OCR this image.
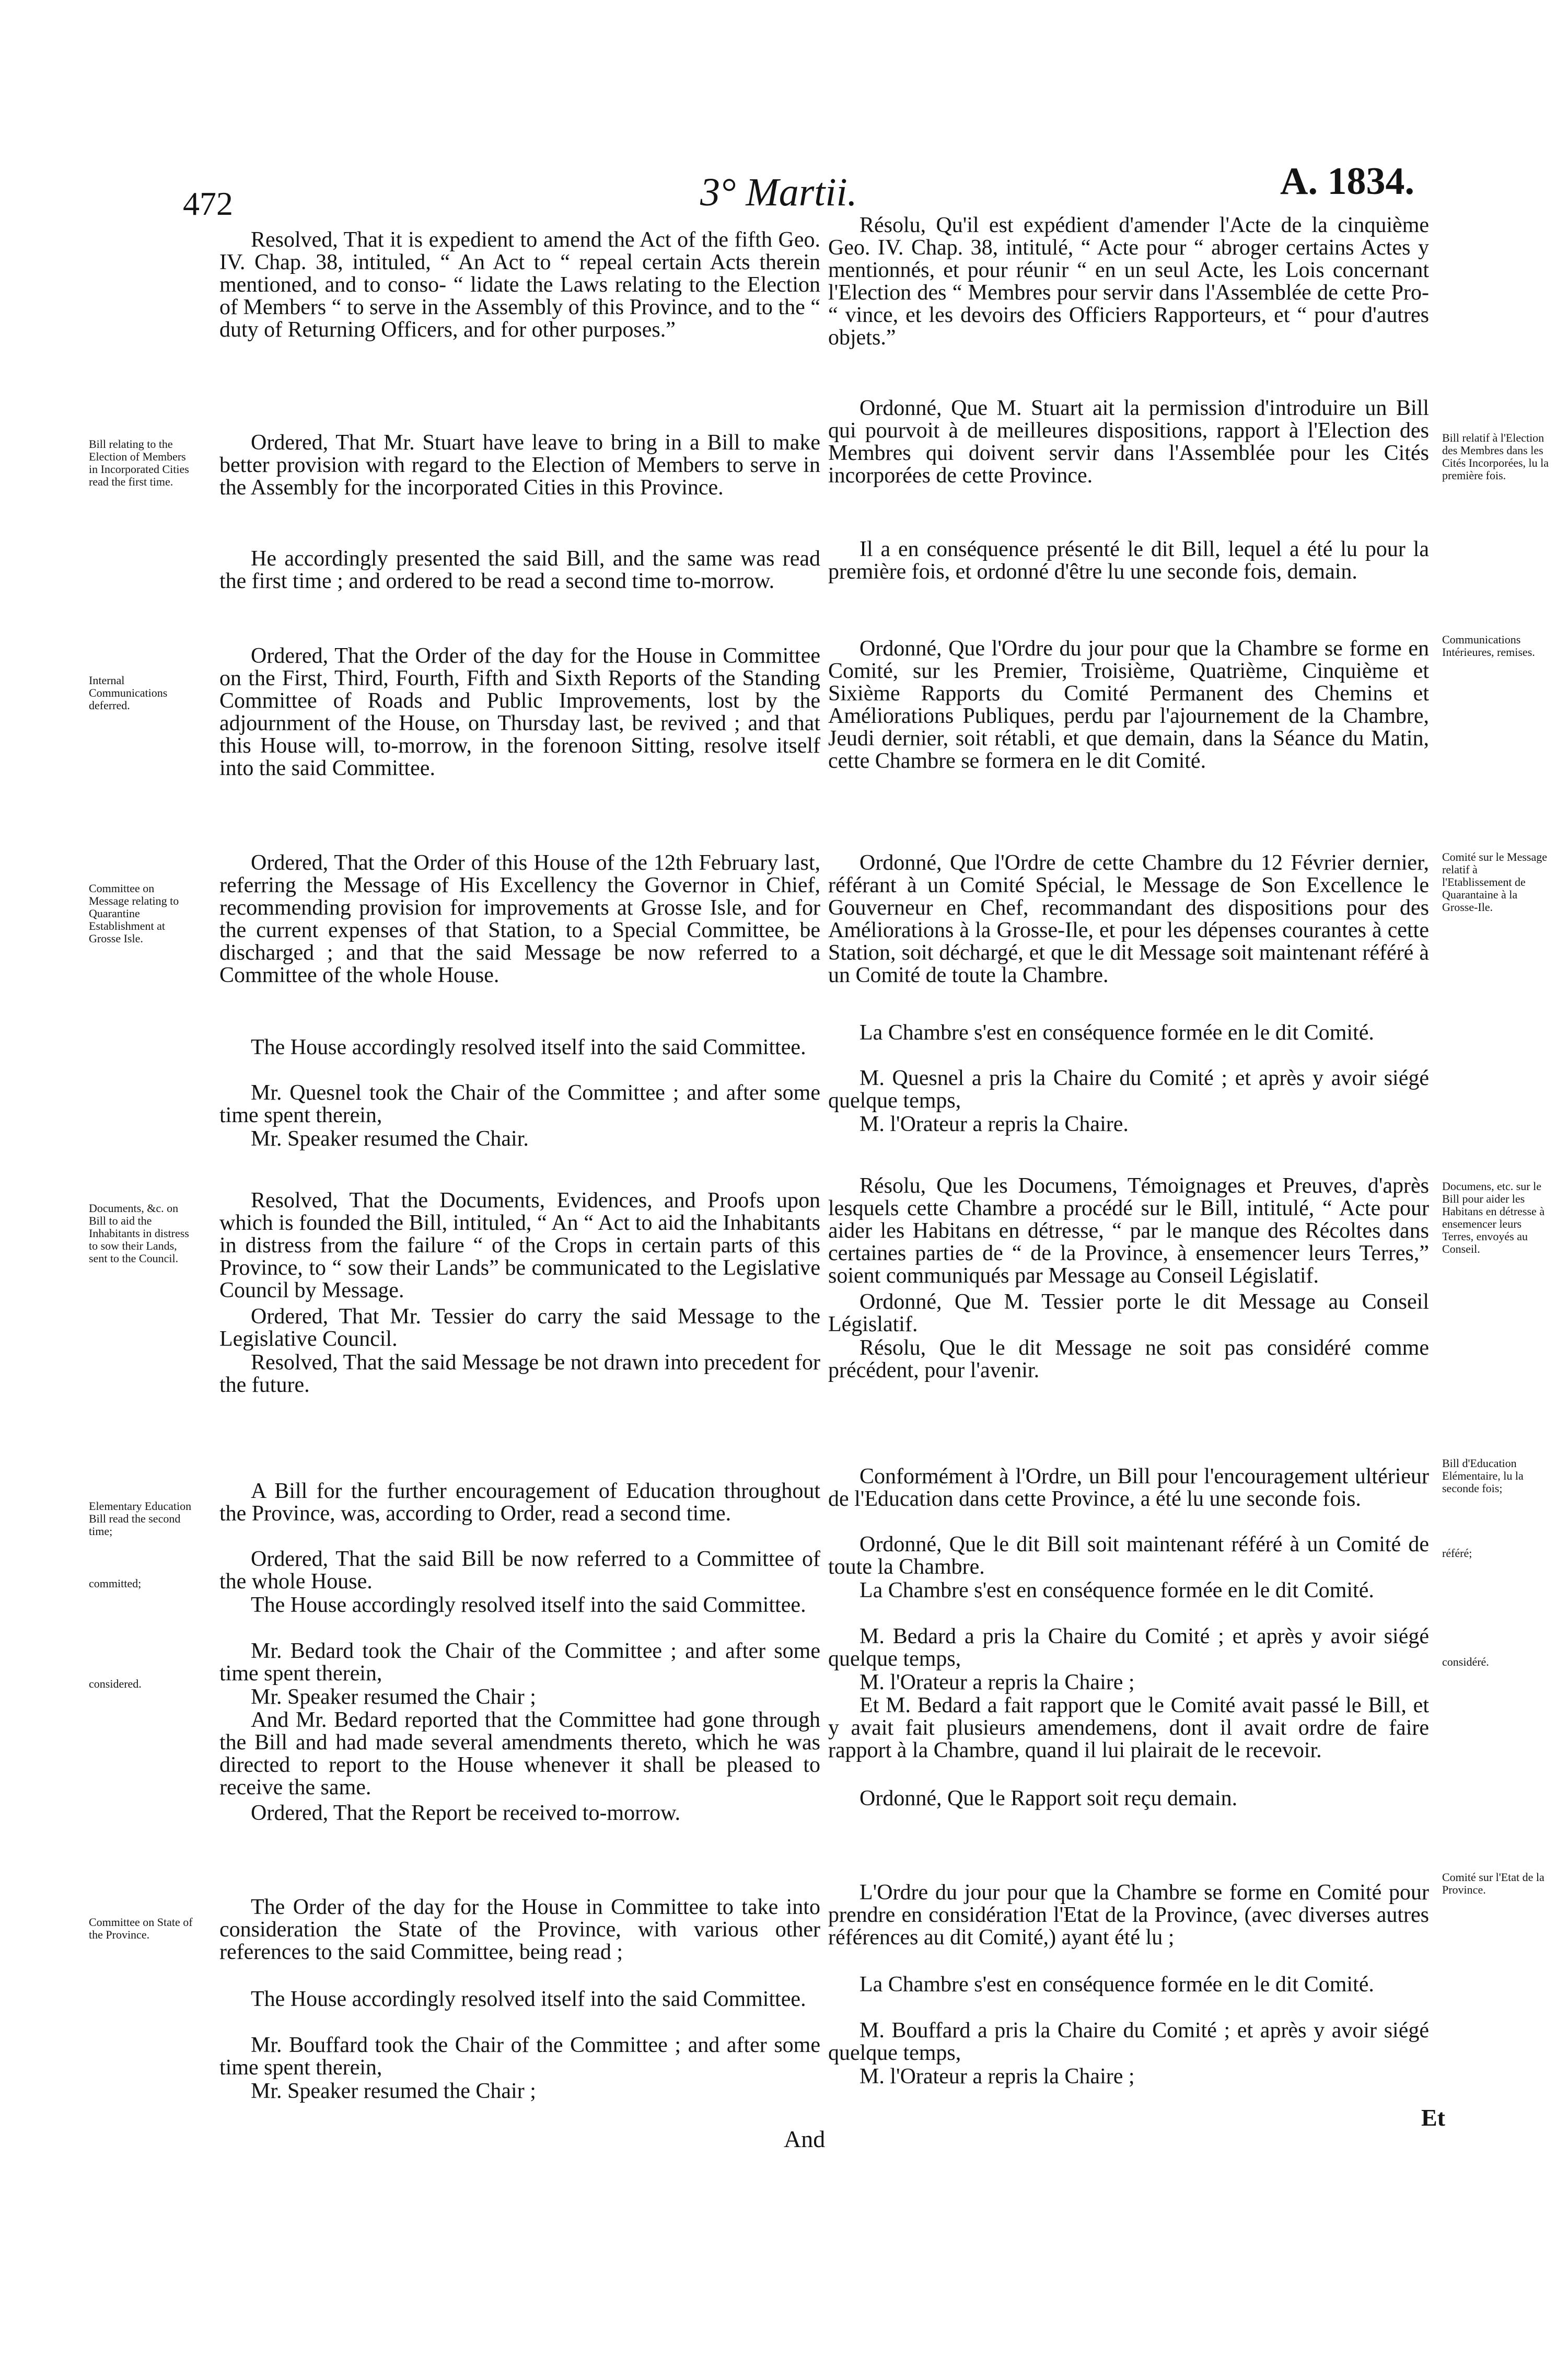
472	3° Martii.	A. 1834.
Bill relating to the Election of Members in Incorporated Cities read the first time.
Internal Communications deferred.
Committee on Message relating to Quarantine Establishment at Grosse Isle.
Documents, &c. on Bill to aid the Inhabitants in distress to sow their Lands, sent to the Council.
Elementary Education Bill read the second time;
committed;
considered.
Committee on State of the Province.
Bill relatif à l'Election des Membres dans les Cités Incorporées, lu la première fois.
Communications Intérieures, remises.
Comité sur le Message relatif à l'Etablissement de Quarantaine à la Grosse-Ile.
Documens, etc. sur le Bill pour aider les Habitans en détresse à ensemencer leurs Terres, envoyés au Conseil.
Bill d'Education Elémentaire, lu la seconde fois;
référé;
considéré.
Comité sur l'Etat de la Province.

Resolved, That it is expedient to amend the Act of the fifth Geo. IV. Chap. 38, intituled, “ An Act to “ repeal certain Acts therein mentioned, and to conso- “ lidate the Laws relating to the Election of Members “ to serve in the Assembly of this Province, and to the “ duty of Returning Officers, and for other purposes.”

Ordered, That Mr. Stuart have leave to bring in a Bill to make better provision with regard to the Election of Members to serve in the Assembly for the incorporated Cities in this Province.

He accordingly presented the said Bill, and the same was read the first time ; and ordered to be read a second time to-morrow.

Ordered, That the Order of the day for the House in Committee on the First, Third, Fourth, Fifth and Sixth Reports of the Standing Committee of Roads and Public Improvements, lost by the adjournment of the House, on Thursday last, be revived ; and that this House will, to-morrow, in the forenoon Sitting, resolve itself into the said Committee.

Ordered, That the Order of this House of the 12th February last, referring the Message of His Excellency the Governor in Chief, recommending provision for improvements at Grosse Isle, and for the current expenses of that Station, to a Special Committee, be discharged ; and that the said Message be now referred to a Committee of the whole House.

The House accordingly resolved itself into the said Committee.

Mr. Quesnel took the Chair of the Committee ; and after some time spent therein,

Mr. Speaker resumed the Chair.

Resolved, That the Documents, Evidences, and Proofs upon which is founded the Bill, intituled, “ An “ Act to aid the Inhabitants in distress from the failure “ of the Crops in certain parts of this Province, to “ sow their Lands” be communicated to the Legislative Council by Message.

Ordered, That Mr. Tessier do carry the said Message to the Legislative Council.

Resolved, That the said Message be not drawn into precedent for the future.

A Bill for the further encouragement of Education throughout the Province, was, according to Order, read a second time.

Ordered, That the said Bill be now referred to a Committee of the whole House.

The House accordingly resolved itself into the said Committee.

Mr. Bedard took the Chair of the Committee ; and after some time spent therein,

Mr. Speaker resumed the Chair ;

And Mr. Bedard reported that the Committee had gone through the Bill and had made several amendments thereto, which he was directed to report to the House whenever it shall be pleased to receive the same.

Ordered, That the Report be received to-morrow.

The Order of the day for the House in Committee to take into consideration the State of the Province, with various other references to the said Committee, being read ;

The House accordingly resolved itself into the said Committee.

Mr. Bouffard took the Chair of the Committee ; and after some time spent therein,

Mr. Speaker resumed the Chair ;

Résolu, Qu'il est expédient d'amender l'Acte de la cinquième Geo. IV. Chap. 38, intitulé, “ Acte pour “ abroger certains Actes y mentionnés, et pour réunir “ en un seul Acte, les Lois concernant l'Election des “ Membres pour servir dans l'Assemblée de cette Pro- “ vince, et les devoirs des Officiers Rapporteurs, et “ pour d'autres objets.”

Ordonné, Que M. Stuart ait la permission d'introduire un Bill qui pourvoit à de meilleures dispositions, rapport à l'Election des Membres qui doivent servir dans l'Assemblée pour les Cités incorporées de cette Province.

Il a en conséquence présenté le dit Bill, lequel a été lu pour la première fois, et ordonné d'être lu une seconde fois, demain.

Ordonné, Que l'Ordre du jour pour que la Chambre se forme en Comité, sur les Premier, Troisième, Quatrième, Cinquième et Sixième Rapports du Comité Permanent des Chemins et Améliorations Publiques, perdu par l'ajournement de la Chambre, Jeudi dernier, soit rétabli, et que demain, dans la Séance du Matin, cette Chambre se formera en le dit Comité.

Ordonné, Que l'Ordre de cette Chambre du 12 Février dernier, référant à un Comité Spécial, le Message de Son Excellence le Gouverneur en Chef, recommandant des dispositions pour des Améliorations à la Grosse-Ile, et pour les dépenses courantes à cette Station, soit déchargé, et que le dit Message soit maintenant référé à un Comité de toute la Chambre.

La Chambre s'est en conséquence formée en le dit Comité.

M. Quesnel a pris la Chaire du Comité ; et après y avoir siégé quelque temps,

M. l'Orateur a repris la Chaire.

Résolu, Que les Documens, Témoignages et Preuves, d'après lesquels cette Chambre a procédé sur le Bill, intitulé, “ Acte pour aider les Habitans en détresse, “ par le manque des Récoltes dans certaines parties de “ de la Province, à ensemencer leurs Terres,” soient communiqués par Message au Conseil Législatif.

Ordonné, Que M. Tessier porte le dit Message au Conseil Législatif.

Résolu, Que le dit Message ne soit pas considéré comme précédent, pour l'avenir.

Conformément à l'Ordre, un Bill pour l'encouragement ultérieur de l'Education dans cette Province, a été lu une seconde fois.

Ordonné, Que le dit Bill soit maintenant référé à un Comité de toute la Chambre.

La Chambre s'est en conséquence formée en le dit Comité.

M. Bedard a pris la Chaire du Comité ; et après y avoir siégé quelque temps,

M. l'Orateur a repris la Chaire ;

Et M. Bedard a fait rapport que le Comité avait passé le Bill, et y avait fait plusieurs amendemens, dont il avait ordre de faire rapport à la Chambre, quand il lui plairait de le recevoir.

Ordonné, Que le Rapport soit reçu demain.

L'Ordre du jour pour que la Chambre se forme en Comité pour prendre en considération l'Etat de la Province, (avec diverses autres références au dit Comité,) ayant été lu ;

La Chambre s'est en conséquence formée en le dit Comité.

M. Bouffard a pris la Chaire du Comité ; et après y avoir siégé quelque temps,

M. l'Orateur a repris la Chaire ;

And
Et
